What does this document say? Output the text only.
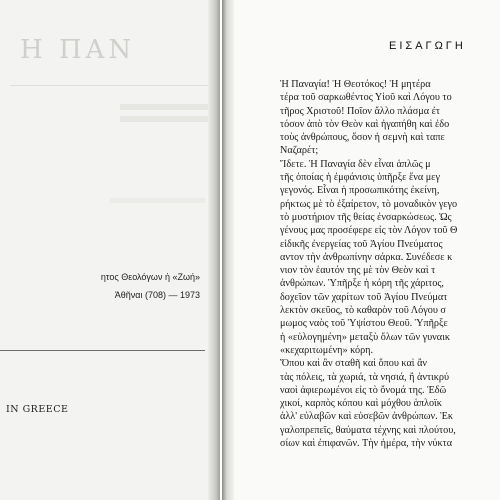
Η ΠΑΝ

ητος Θεολόγων ἡ «Ζωή»

Ἀθῆναι (708) — 1973

IN GREECE

ΕΙΣΑΓΩΓΗ
Ἡ Παναγία! Ἡ Θεοτόκος! Ἡ μητέρα
τέρα τοῦ σαρκωθέντος Υἱοῦ καὶ Λόγου το
τῆρος Χριστοῦ! Ποῖον ἄλλο πλάσμα ἐτ
τόσον ἀπὸ τὸν Θεὸν καὶ ἠγαπήθη καὶ ἐδο
τοὺς ἀνθρώπους, ὅσον ἡ σεμνὴ καὶ ταπε
Ναζαρέτ;
Ἴδετε. Ἡ Παναγία δὲν εἶναι ἁπλῶς μ
τῆς ὁποίας ἡ ἐμφάνισις ὑπῆρξε ἕνα μεγ
γεγονός. Εἶναι ἡ προσωπικότης ἐκείνη,
ρήκτως μὲ τὸ ἐξαίρετον, τὸ μοναδικὸν γεγο
τὸ μυστήριον τῆς θείας ἐνσαρκώσεως. Ὡς
γένους μας προσέφερε εἰς τὸν Λόγον τοῦ Θ
εἰδικῆς ἐνεργείας τοῦ Ἁγίου Πνεύματος
αντον τὴν ἀνθρωπίνην σάρκα. Συνέδεσε κ
νιον τὸν ἑαυτόν της μὲ τὸν Θεὸν καὶ τ
ἀνθρώπων. Ὑπῆρξε ἡ κόρη τῆς χάριτος,
δοχεῖον τῶν χαρίτων τοῦ Ἁγίου Πνεύματ
λεκτὸν σκεῦος, τὸ καθαρὸν τοῦ Λόγου σ
μωμος ναὸς τοῦ Ὑψίστου Θεοῦ. Ὑπῆρξε
ἡ «εὐλογημένη» μεταξὺ ὅλων τῶν γυναικ
«κεχαριτωμένη» κόρη.
Ὅπου καὶ ἂν σταθῆ καὶ ὅπου καὶ ἂν
τὰς πόλεις, τὰ χωριά, τὰ νησιά, ἢ ἀντικρύ
ναοὶ ἀφιερωμένοι εἰς τὸ ὄνομά της. Ἐδῶ
χικοί, καρπὸς κόπου καὶ μόχθου ἁπλοϊκ
ἀλλ' εὐλαβῶν καὶ εὐσεβῶν ἀνθρώπων. Ἐκ
γαλοπρεπεῖς, θαύματα τέχνης καὶ πλούτου,
σίων καὶ ἐπιφανῶν. Τὴν ἡμέρα, τὴν νύκτα
